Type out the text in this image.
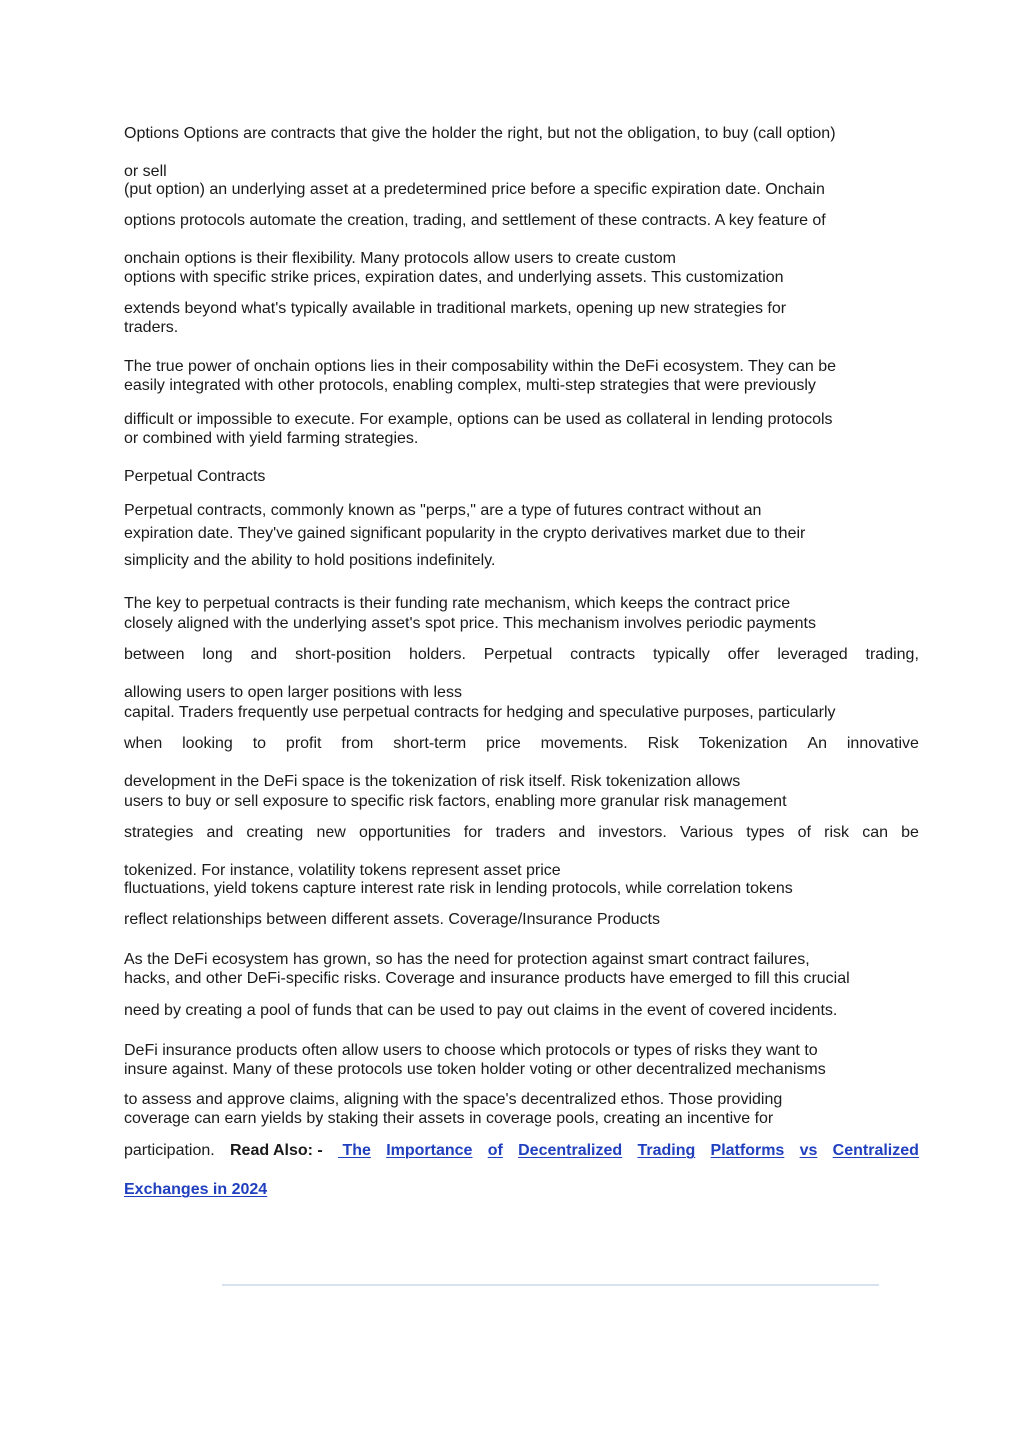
Options Options are contracts that give the holder the right, but not the obligation, to buy (call option)
or sell
(put option) an underlying asset at a predetermined price before a specific expiration date. Onchain
options protocols automate the creation, trading, and settlement of these contracts. A key feature of
onchain options is their flexibility. Many protocols allow users to create custom
options with specific strike prices, expiration dates, and underlying assets. This customization
extends beyond what's typically available in traditional markets, opening up new strategies for
traders.
The true power of onchain options lies in their composability within the DeFi ecosystem. They can be
easily integrated with other protocols, enabling complex, multi-step strategies that were previously
difficult or impossible to execute. For example, options can be used as collateral in lending protocols
or combined with yield farming strategies.
Perpetual Contracts
Perpetual contracts, commonly known as "perps," are a type of futures contract without an
expiration date. They've gained significant popularity in the crypto derivatives market due to their
simplicity and the ability to hold positions indefinitely.
The key to perpetual contracts is their funding rate mechanism, which keeps the contract price
closely aligned with the underlying asset's spot price. This mechanism involves periodic payments
between long and short-position holders. Perpetual contracts typically offer leveraged trading,
allowing users to open larger positions with less
capital. Traders frequently use perpetual contracts for hedging and speculative purposes, particularly
when looking to profit from short-term price movements. Risk Tokenization An innovative
development in the DeFi space is the tokenization of risk itself. Risk tokenization allows
users to buy or sell exposure to specific risk factors, enabling more granular risk management
strategies and creating new opportunities for traders and investors. Various types of risk can be
tokenized. For instance, volatility tokens represent asset price
fluctuations, yield tokens capture interest rate risk in lending protocols, while correlation tokens
reflect relationships between different assets. Coverage/Insurance Products
As the DeFi ecosystem has grown, so has the need for protection against smart contract failures,
hacks, and other DeFi-specific risks. Coverage and insurance products have emerged to fill this crucial
need by creating a pool of funds that can be used to pay out claims in the event of covered incidents.
DeFi insurance products often allow users to choose which protocols or types of risks they want to
insure against. Many of these protocols use token holder voting or other decentralized mechanisms
to assess and approve claims, aligning with the space's decentralized ethos. Those providing
coverage can earn yields by staking their assets in coverage pools, creating an incentive for
participation. Read Also: - The Importance of Decentralized Trading Platforms vs Centralized
Exchanges in 2024
